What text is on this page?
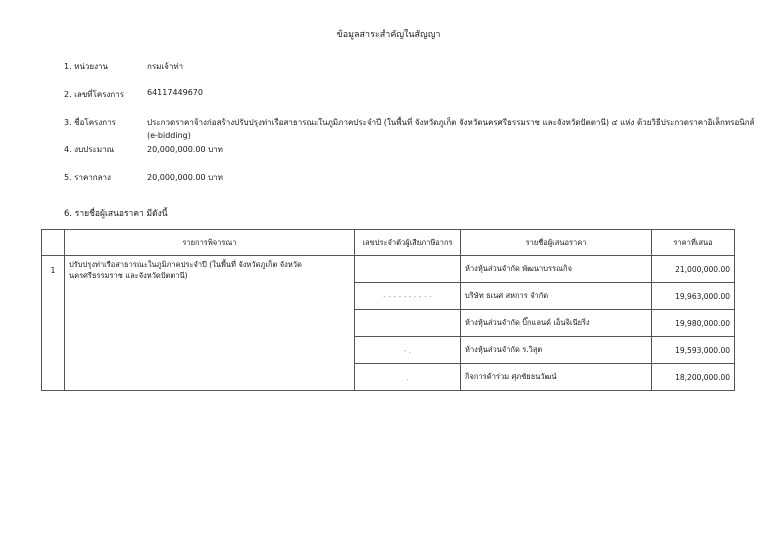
ข้อมูลสาระสำคัญในสัญญา
1. หน่วยงาน	กรมเจ้าท่า
2. เลขที่โครงการ	64117449670
3. ชื่อโครงการ	ประกวดราคาจ้างก่อสร้างปรับปรุงท่าเรือสาธารณะในภูมิภาคประจำปี (ในพื้นที่ จังหวัดภูเก็ต จังหวัดนครศรีธรรมราช และจังหวัดปัตตานี) ๔ แห่ง ด้วยวิธีประกวดราคาอิเล็กทรอนิกส์
(e-bidding)
4. งบประมาณ	20,000,000.00 บาท
5. ราคากลาง	20,000,000.00 บาท
6. รายชื่อผู้เสนอราคา มีดังนี้
	รายการพิจารณา	เลขประจำตัวผู้เสียภาษีอากร	รายชื่อผู้เสนอราคา	ราคาที่เสนอ
1	ปรับปรุงท่าเรือสาธารณะในภูมิภาคประจำปี (ในพื้นที่ จังหวัดภูเก็ต จังหวัดนครศรีธรรมราช และจังหวัดปัตตานี)		ห้างหุ้นส่วนจำกัด พัฒนาบรรณกิจ	21,000,000.00
		- - - - - - - - - -	บริษัท ธเนศ สหการ จำกัด	19,963,000.00
			ห้างหุ้นส่วนจำกัด บิ๊กแลนด์ เอ็นจิเนียริ่ง	19,980,000.00
		- .	ห้างหุ้นส่วนจำกัด ร.วิสุต	19,593,000.00
		.	กิจการค้าร่วม ศุภชัยธนวัฒน์	18,200,000.00
